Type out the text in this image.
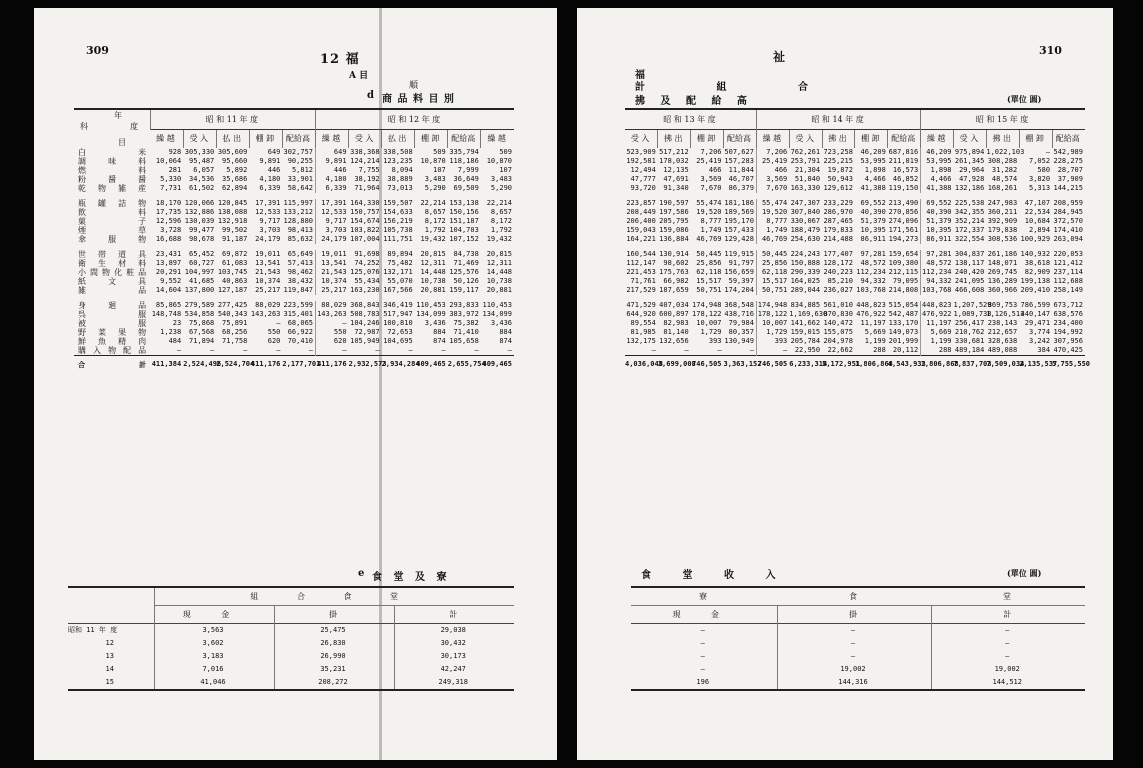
309
12 福
A 目
順
d 商 品 料 目 別
年
度
科
目	昭 和 11 年 度					昭 和 12 年 度					
	繰 越	受 入	払 出	棚 卸	配給高	繰 越	受 入	払 出	棚 卸	配給高	繰 越
白 米	928	305,330	305,609	649	302,757	649	338,368	338,508	509	335,794	509
調 味 料	10,064	95,487	95,660	9,891	90,255	9,891	124,214	123,235	10,870	118,186	10,870
燃 料	281	6,057	5,892	446	5,812	446	7,755	8,094	107	7,999	107
粉 醤 醤	5,330	34,536	35,686	4,180	33,901	4,180	38,192	38,889	3,483	36,649	3,483
乾 物 雑 産	7,731	61,502	62,894	6,339	58,642	6,339	71,964	73,013	5,290	69,509	5,290

瓶 罐 詰 物	18,170	120,066	120,845	17,391	115,997	17,391	164,330	159,507	22,214	153,138	22,214
飲 料	17,735	132,886	138,088	12,533	133,212	12,533	150,757	154,633	8,657	150,156	8,657
菓 子	12,596	130,039	132,918	9,717	128,880	9,717	154,674	156,219	8,172	151,187	8,172
煙 草	3,728	99,477	99,502	3,703	98,413	3,703	103,822	105,738	1,792	104,703	1,792
傘 服 物	16,688	98,678	91,187	24,179	85,632	24,179	107,004	111,751	19,432	107,152	19,432

世 帯 道 具	23,431	65,452	69,872	19,011	65,649	19,011	91,698	89,894	20,815	84,738	20,815
衛 生 材 料	13,897	60,727	61,083	13,541	57,413	13,541	74,252	75,482	12,311	71,469	12,311
小 間 物 化 粧 品	20,291	104,997	103,745	21,543	98,462	21,543	125,076	132,171	14,448	125,576	14,448
紙 文 具	9,552	41,685	40,863	10,374	38,432	10,374	55,434	55,070	10,738	50,126	10,738
雑 品	14,604	137,800	127,187	25,217	119,847	25,217	163,230	167,566	20,881	159,117	20,881

身 廻 品	85,865	279,589	277,425	88,029	223,599	88,029	368,843	346,419	110,453	293,833	110,453
呉 服	148,748	534,858	540,343	143,263	315,401	143,263	508,783	517,947	134,099	383,972	134,099
被 服	23	75,868	75,891	—	68,065	—	104,246	100,810	3,436	75,382	3,436
野 菜 果 物	1,238	67,568	68,256	550	66,922	550	72,987	72,653	884	71,410	884
鮮 魚 精 肉	484	71,894	71,758	620	70,410	620	105,949	104,695	874	105,658	874
購 入 物 配 品	—	—	—	—	—	—	—	—	—	—	—
合 計	411,384	2,524,496	2,524,704	411,176	2,177,701	411,176	2,932,573	2,934,284	409,465	2,655,754	409,465
e 食 堂 及 寮
	組 合 食 堂		
	現 金	掛	計
昭和 11 年 度	3,563	25,475	29,038
12	3,602	26,830	30,432
13	3,183	26,990	30,173
14	7,016	35,231	42,247
15	41,046	208,272	249,318

310
祉
福
計 組 合
拂 及 配 給 高	(單位 圓)
昭 和 13 年 度				昭 和 14 年 度					昭 和 15 年 度				
受 入	拂 出	棚 卸	配給高	繰 越	受 入	拂 出	棚 卸	配給高	繰 越	受 入	拂 出	棚 卸	配給高
523,909	517,212	7,206	507,627	7,206	762,261	723,258	46,209	687,816	46,209	975,894	1,022,103	—	542,989
192,581	178,032	25,419	157,283	25,419	253,791	225,215	53,995	211,819	53,995	261,345	308,288	7,052	228,275
12,494	12,135	466	11,844	466	21,304	19,872	1,898	16,573	1,898	29,964	31,282	580	28,707
47,777	47,691	3,569	46,707	3,569	51,840	50,943	4,466	46,852	4,466	47,928	48,574	3,820	37,909
93,720	91,340	7,670	86,379	7,670	163,330	129,612	41,388	119,150	41,388	132,186	168,261	5,313	144,215

223,857	190,597	55,474	181,186	55,474	247,307	233,229	69,552	213,490	69,552	225,538	247,983	47,107	208,959
208,449	197,586	19,520	189,569	19,520	307,840	286,970	40,390	270,856	40,390	342,355	360,211	22,534	284,945
206,400	205,795	8,777	195,170	8,777	330,067	287,465	51,379	274,096	51,379	352,214	392,909	10,684	372,570
159,043	159,086	1,749	157,433	1,749	188,479	179,833	10,395	171,561	10,395	172,337	179,838	2,894	174,410
164,221	136,884	46,769	129,428	46,769	254,630	214,488	86,911	194,273	86,911	322,554	308,536	100,929	263,094

160,544	130,914	50,445	119,915	50,445	224,243	177,407	97,281	159,654	97,281	304,837	261,186	140,932	220,053
112,147	98,602	25,856	91,797	25,856	150,888	128,172	48,572	109,380	48,572	138,117	148,071	38,618	121,412
221,453	175,763	62,118	156,659	62,118	290,339	240,223	112,234	212,115	112,234	240,420	269,745	82,909	237,114
71,761	66,982	15,517	59,397	15,517	164,025	85,210	94,332	79,095	94,332	241,095	136,289	199,138	112,688
217,529	187,659	50,751	174,204	50,751	289,044	236,027	103,768	214,808	103,768	466,608	360,966	209,410	258,149

471,529	407,034	174,948	368,548	174,948	834,885	561,010	448,823	515,054	448,823	1,207,529	869,753	786,599	673,712
644,920	600,897	178,122	438,716	178,122	1,169,630	870,830	476,922	542,487	476,922	1,089,738	1,126,513	440,147	638,576
89,554	82,983	10,007	79,984	10,007	141,662	140,472	11,197	133,170	11,197	256,417	238,143	29,471	234,400
81,985	81,140	1,729	80,357	1,729	159,015	155,075	5,669	149,073	5,669	210,762	212,657	3,774	194,992
132,175	132,656	393	130,949	393	205,784	204,978	1,199	201,999	1,199	330,681	328,638	3,242	307,956
—	—	—	—	—	22,950	22,662	288	20,112	288	489,184	489,088	384	470,425
4,036,048	3,699,008	746,505	3,363,152	746,505	6,233,314	5,172,951	1,806,868	4,543,933	1,806,868	7,837,703	7,509,034	2,135,537	5,755,550
食 堂 收 入	(單位 圓)
寮	食	堂
現 金	掛	計
—	—	—
—	—	—
—	—	—
—	19,002	19,002
196	144,316	144,512
